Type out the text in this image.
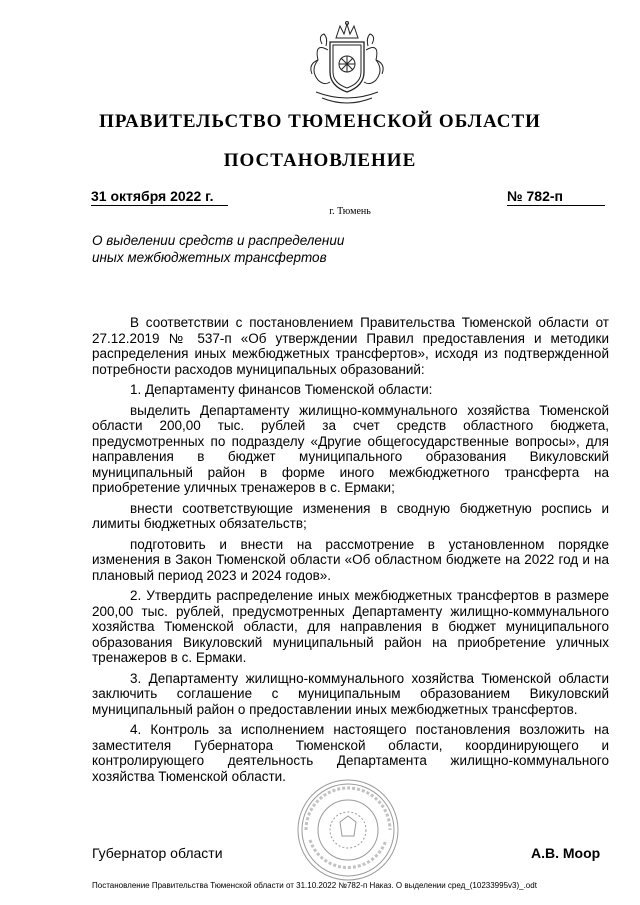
ПРАВИТЕЛЬСТВО ТЮМЕНСКОЙ ОБЛАСТИ
ПОСТАНОВЛЕНИЕ
31 октября 2022 г.	№ 782-п
г. Тюмень
О выделении средств и распределении
иных межбюджетных трансфертов

В соответствии с постановлением Правительства Тюменской области от 27.12.2019 № 537-п «Об утверждении Правил предоставления и методики распределения иных межбюджетных трансфертов», исходя из подтвержденной потребности расходов муниципальных образований:

1. Департаменту финансов Тюменской области:

выделить Департаменту жилищно-коммунального хозяйства Тюменской области 200,00 тыс. рублей за счет средств областного бюджета, предусмотренных по подразделу «Другие общегосударственные вопросы», для направления в бюджет муниципального образования Викуловский муниципальный район в форме иного межбюджетного трансферта на приобретение уличных тренажеров в с. Ермаки;

внести соответствующие изменения в сводную бюджетную роспись и лимиты бюджетных обязательств;

подготовить и внести на рассмотрение в установленном порядке изменения в Закон Тюменской области «Об областном бюджете на 2022 год и на плановый период 2023 и 2024 годов».

2. Утвердить распределение иных межбюджетных трансфертов в размере 200,00 тыс. рублей, предусмотренных Департаменту жилищно-коммунального хозяйства Тюменской области, для направления в бюджет муниципального образования Викуловский муниципальный район на приобретение уличных тренажеров в с. Ермаки.

3. Департаменту жилищно-коммунального хозяйства Тюменской области заключить соглашение с муниципальным образованием Викуловский муниципальный район о предоставлении иных межбюджетных трансфертов.

4. Контроль за исполнением настоящего постановления возложить на заместителя Губернатора Тюменской области, координирующего и контролирующего деятельность Департамента жилищно-коммунального хозяйства Тюменской области.

Губернатор области	А.В. Моор
Постановление Правительства Тюменской области от 31.10.2022 №782-п Наказ. О выделении сред_(10233995v3)_.odt
